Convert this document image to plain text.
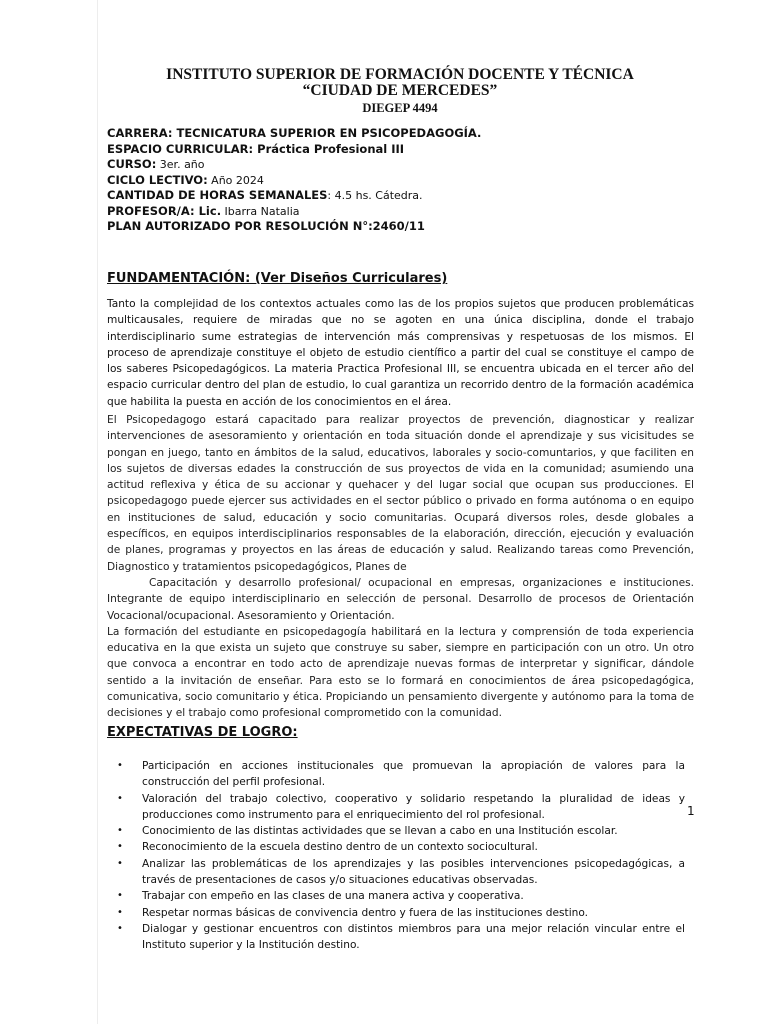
INSTITUTO SUPERIOR DE FORMACIÓN DOCENTE Y TÉCNICA
“CIUDAD DE MERCEDES”
DIEGEP 4494
CARRERA: TECNICATURA SUPERIOR EN PSICOPEDAGOGÍA.
ESPACIO CURRICULAR: Práctica Profesional III
CURSO: 3er. año
CICLO LECTIVO: Año 2024
CANTIDAD DE HORAS SEMANALES: 4.5 hs. Cátedra.
PROFESOR/A: Lic. Ibarra Natalia
PLAN AUTORIZADO POR RESOLUCIÓN N°:2460/11
FUNDAMENTACIÓN: (Ver Diseños Curriculares)

Tanto la complejidad de los contextos actuales como las de los propios sujetos que producen problemáticas multicausales, requiere de miradas que no se agoten en una única disciplina, donde el trabajo interdisciplinario sume estrategias de intervención más comprensivas y respetuosas de los mismos. El proceso de aprendizaje constituye el objeto de estudio científico a partir del cual se constituye el campo de los saberes Psicopedagógicos. La materia Practica Profesional III, se encuentra ubicada en el tercer año del espacio curricular dentro del plan de estudio, lo cual garantiza un recorrido dentro de la formación académica que habilita la puesta en acción de los conocimientos en el área.

El Psicopedagogo estará capacitado para realizar proyectos de prevención, diagnosticar y realizar intervenciones de asesoramiento y orientación en toda situación donde el aprendizaje y sus vicisitudes se pongan en juego, tanto en ámbitos de la salud, educativos, laborales y socio-comuntarios, y que faciliten en los sujetos de diversas edades la construcción de sus proyectos de vida en la comunidad; asumiendo una actitud reflexiva y ética de su accionar y quehacer y del lugar social que ocupan sus producciones. El psicopedagogo puede ejercer sus actividades en el sector público o privado en forma autónoma o en equipo en instituciones de salud, educación y socio comunitarias. Ocupará diversos roles, desde globales a específicos, en equipos interdisciplinarios responsables de la elaboración, dirección, ejecución y evaluación de planes, programas y proyectos en las áreas de educación y salud. Realizando tareas como Prevención, Diagnostico y tratamientos psicopedagógicos, Planes de

Capacitación y desarrollo profesional/ ocupacional en empresas, organizaciones e instituciones. Integrante de equipo interdisciplinario en selección de personal. Desarrollo de procesos de Orientación Vocacional/ocupacional. Asesoramiento y Orientación.

La formación del estudiante en psicopedagogía habilitará en la lectura y comprensión de toda experiencia educativa en la que exista un sujeto que construye su saber, siempre en participación con un otro. Un otro que convoca a encontrar en todo acto de aprendizaje nuevas formas de interpretar y significar, dándole sentido a la invitación de enseñar. Para esto se lo formará en conocimientos de área psicopedagógica, comunicativa, socio comunitario y ética. Propiciando un pensamiento divergente y autónomo para la toma de decisiones y el trabajo como profesional comprometido con la comunidad.

EXPECTATIVAS DE LOGRO:
• Participación en acciones institucionales que promuevan la apropiación de valores para la construcción del perfil profesional.
• Valoración del trabajo colectivo, cooperativo y solidario respetando la pluralidad de ideas y producciones como instrumento para el enriquecimiento del rol profesional.
• Conocimiento de las distintas actividades que se llevan a cabo en una Institución escolar.
• Reconocimiento de la escuela destino dentro de un contexto sociocultural.
• Analizar las problemáticas de los aprendizajes y las posibles intervenciones psicopedagógicas, a través de presentaciones de casos y/o situaciones educativas observadas.
• Trabajar con empeño en las clases de una manera activa y cooperativa.
• Respetar normas básicas de convivencia dentro y fuera de las instituciones destino.
• Dialogar y gestionar encuentros con distintos miembros para una mejor relación vincular entre el Instituto superior y la Institución destino.
1
